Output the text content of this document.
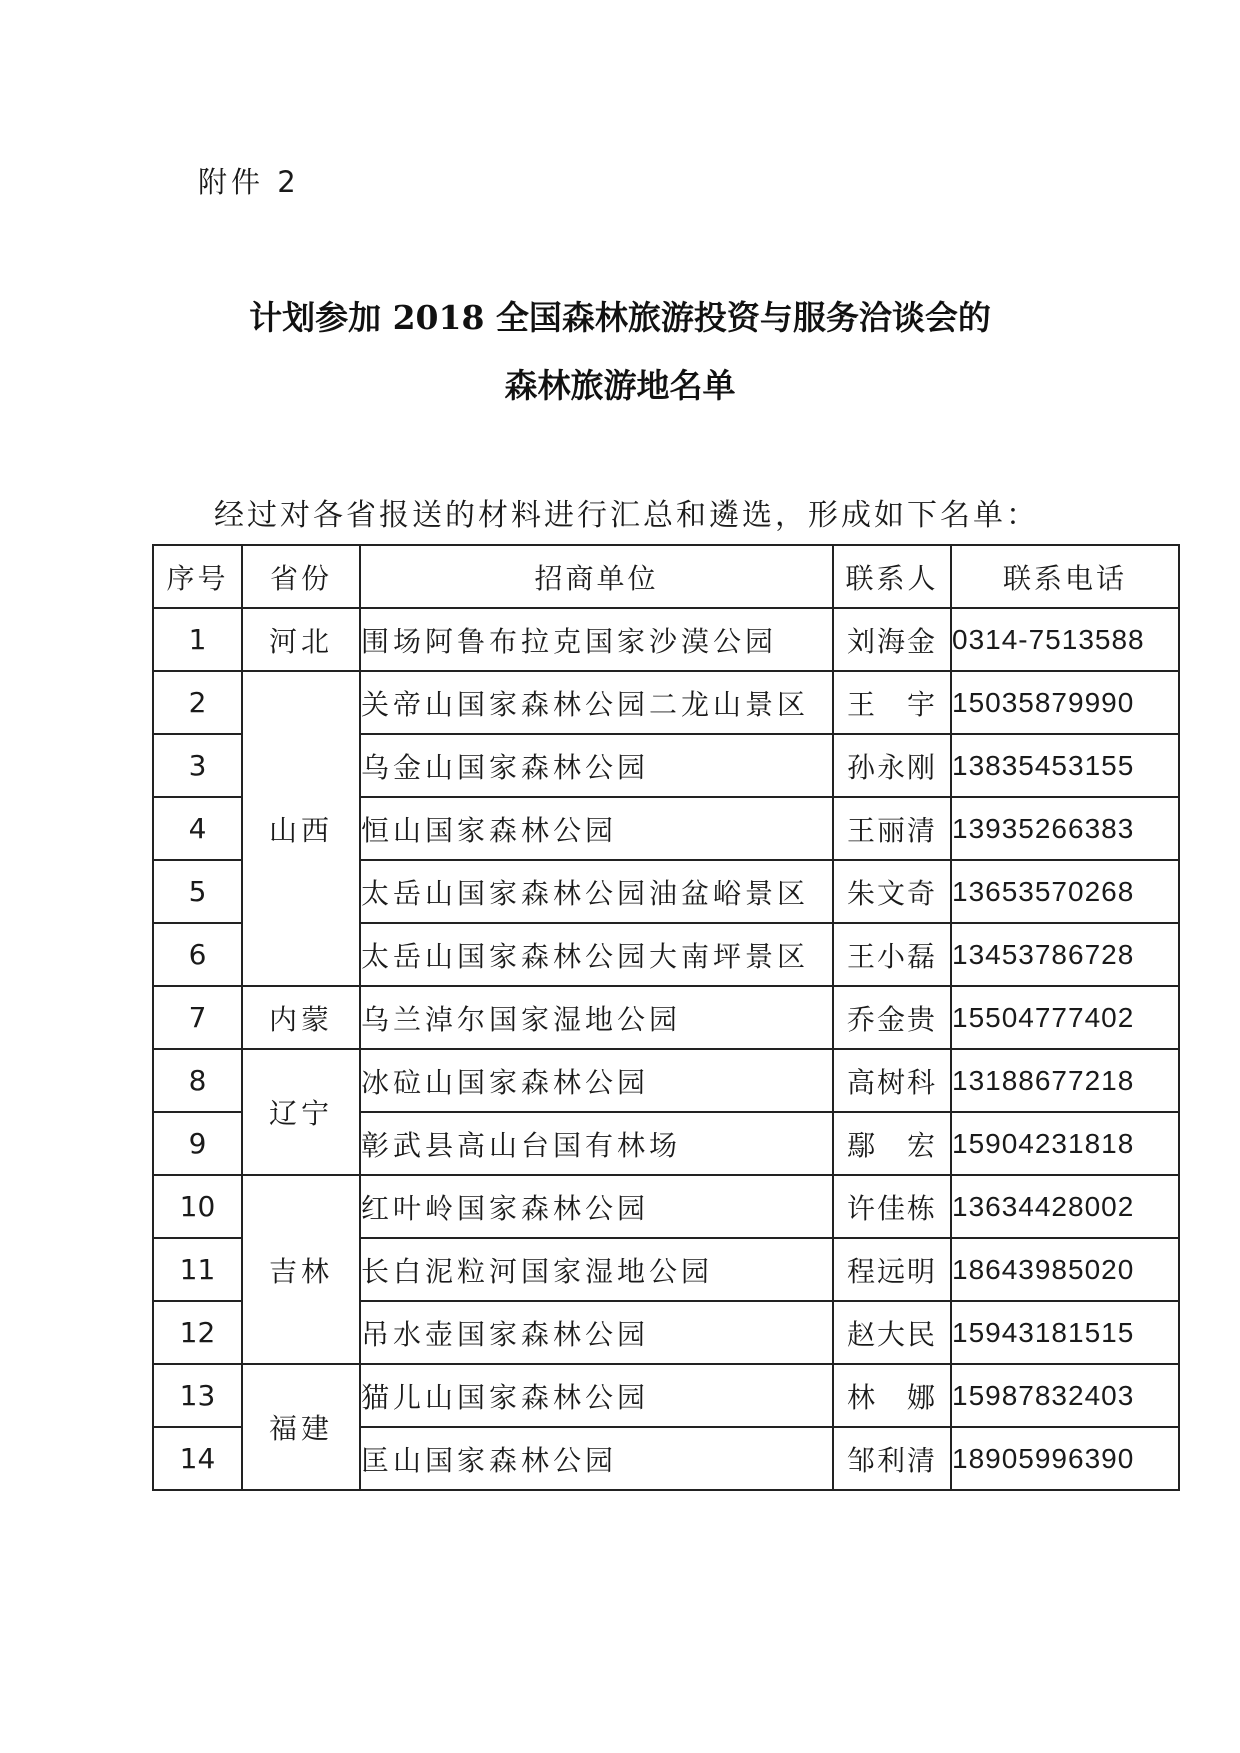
附件 2
计划参加 2018 全国森林旅游投资与服务洽谈会的
森林旅游地名单
经过对各省报送的材料进行汇总和遴选，形成如下名单：
序号	省份	招商单位	联系人	联系电话
1	河北	围场阿鲁布拉克国家沙漠公园	刘海金	0314-7513588
2	山西	关帝山国家森林公园二龙山景区	王　宇	15035879990
3		乌金山国家森林公园	孙永刚	13835453155
4		恒山国家森林公园	王丽清	13935266383
5		太岳山国家森林公园油盆峪景区	朱文奇	13653570268
6		太岳山国家森林公园大南坪景区	王小磊	13453786728
7	内蒙	乌兰淖尔国家湿地公园	乔金贵	15504777402
8	辽宁	冰砬山国家森林公园	高树科	13188677218
9		彰武县高山台国有林场	鄢　宏	15904231818
10	吉林	红叶岭国家森林公园	许佳栋	13634428002
11		长白泥粒河国家湿地公园	程远明	18643985020
12		吊水壶国家森林公园	赵大民	15943181515
13	福建	猫儿山国家森林公园	林　娜	15987832403
14		匡山国家森林公园	邹利清	18905996390
